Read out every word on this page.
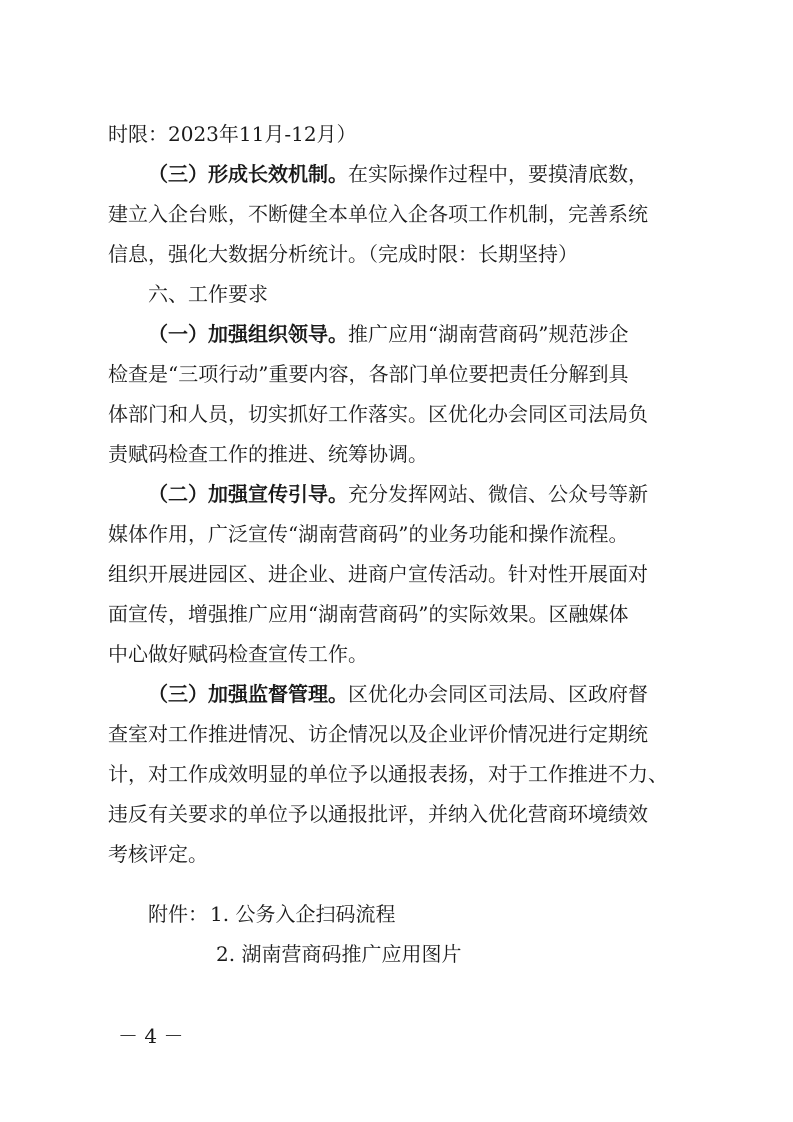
时限：2023年11月-12月）
（三）形成长效机制。在实际操作过程中，要摸清底数，
建立入企台账，不断健全本单位入企各项工作机制，完善系统
信息，强化大数据分析统计。（完成时限：长期坚持）
六、工作要求
（一）加强组织领导。推广应用“湖南营商码”规范涉企
检查是“三项行动”重要内容，各部门单位要把责任分解到具
体部门和人员，切实抓好工作落实。区优化办会同区司法局负
责赋码检查工作的推进、统筹协调。
（二）加强宣传引导。充分发挥网站、微信、公众号等新
媒体作用，广泛宣传“湖南营商码”的业务功能和操作流程。
组织开展进园区、进企业、进商户宣传活动。针对性开展面对
面宣传，增强推广应用“湖南营商码”的实际效果。区融媒体
中心做好赋码检查宣传工作。
（三）加强监督管理。区优化办会同区司法局、区政府督
查室对工作推进情况、访企情况以及企业评价情况进行定期统
计，对工作成效明显的单位予以通报表扬，对于工作推进不力、
违反有关要求的单位予以通报批评，并纳入优化营商环境绩效
考核评定。
附件： 1. 公务入企扫码流程
2. 湖南营商码推广应用图片
－ 4 －
